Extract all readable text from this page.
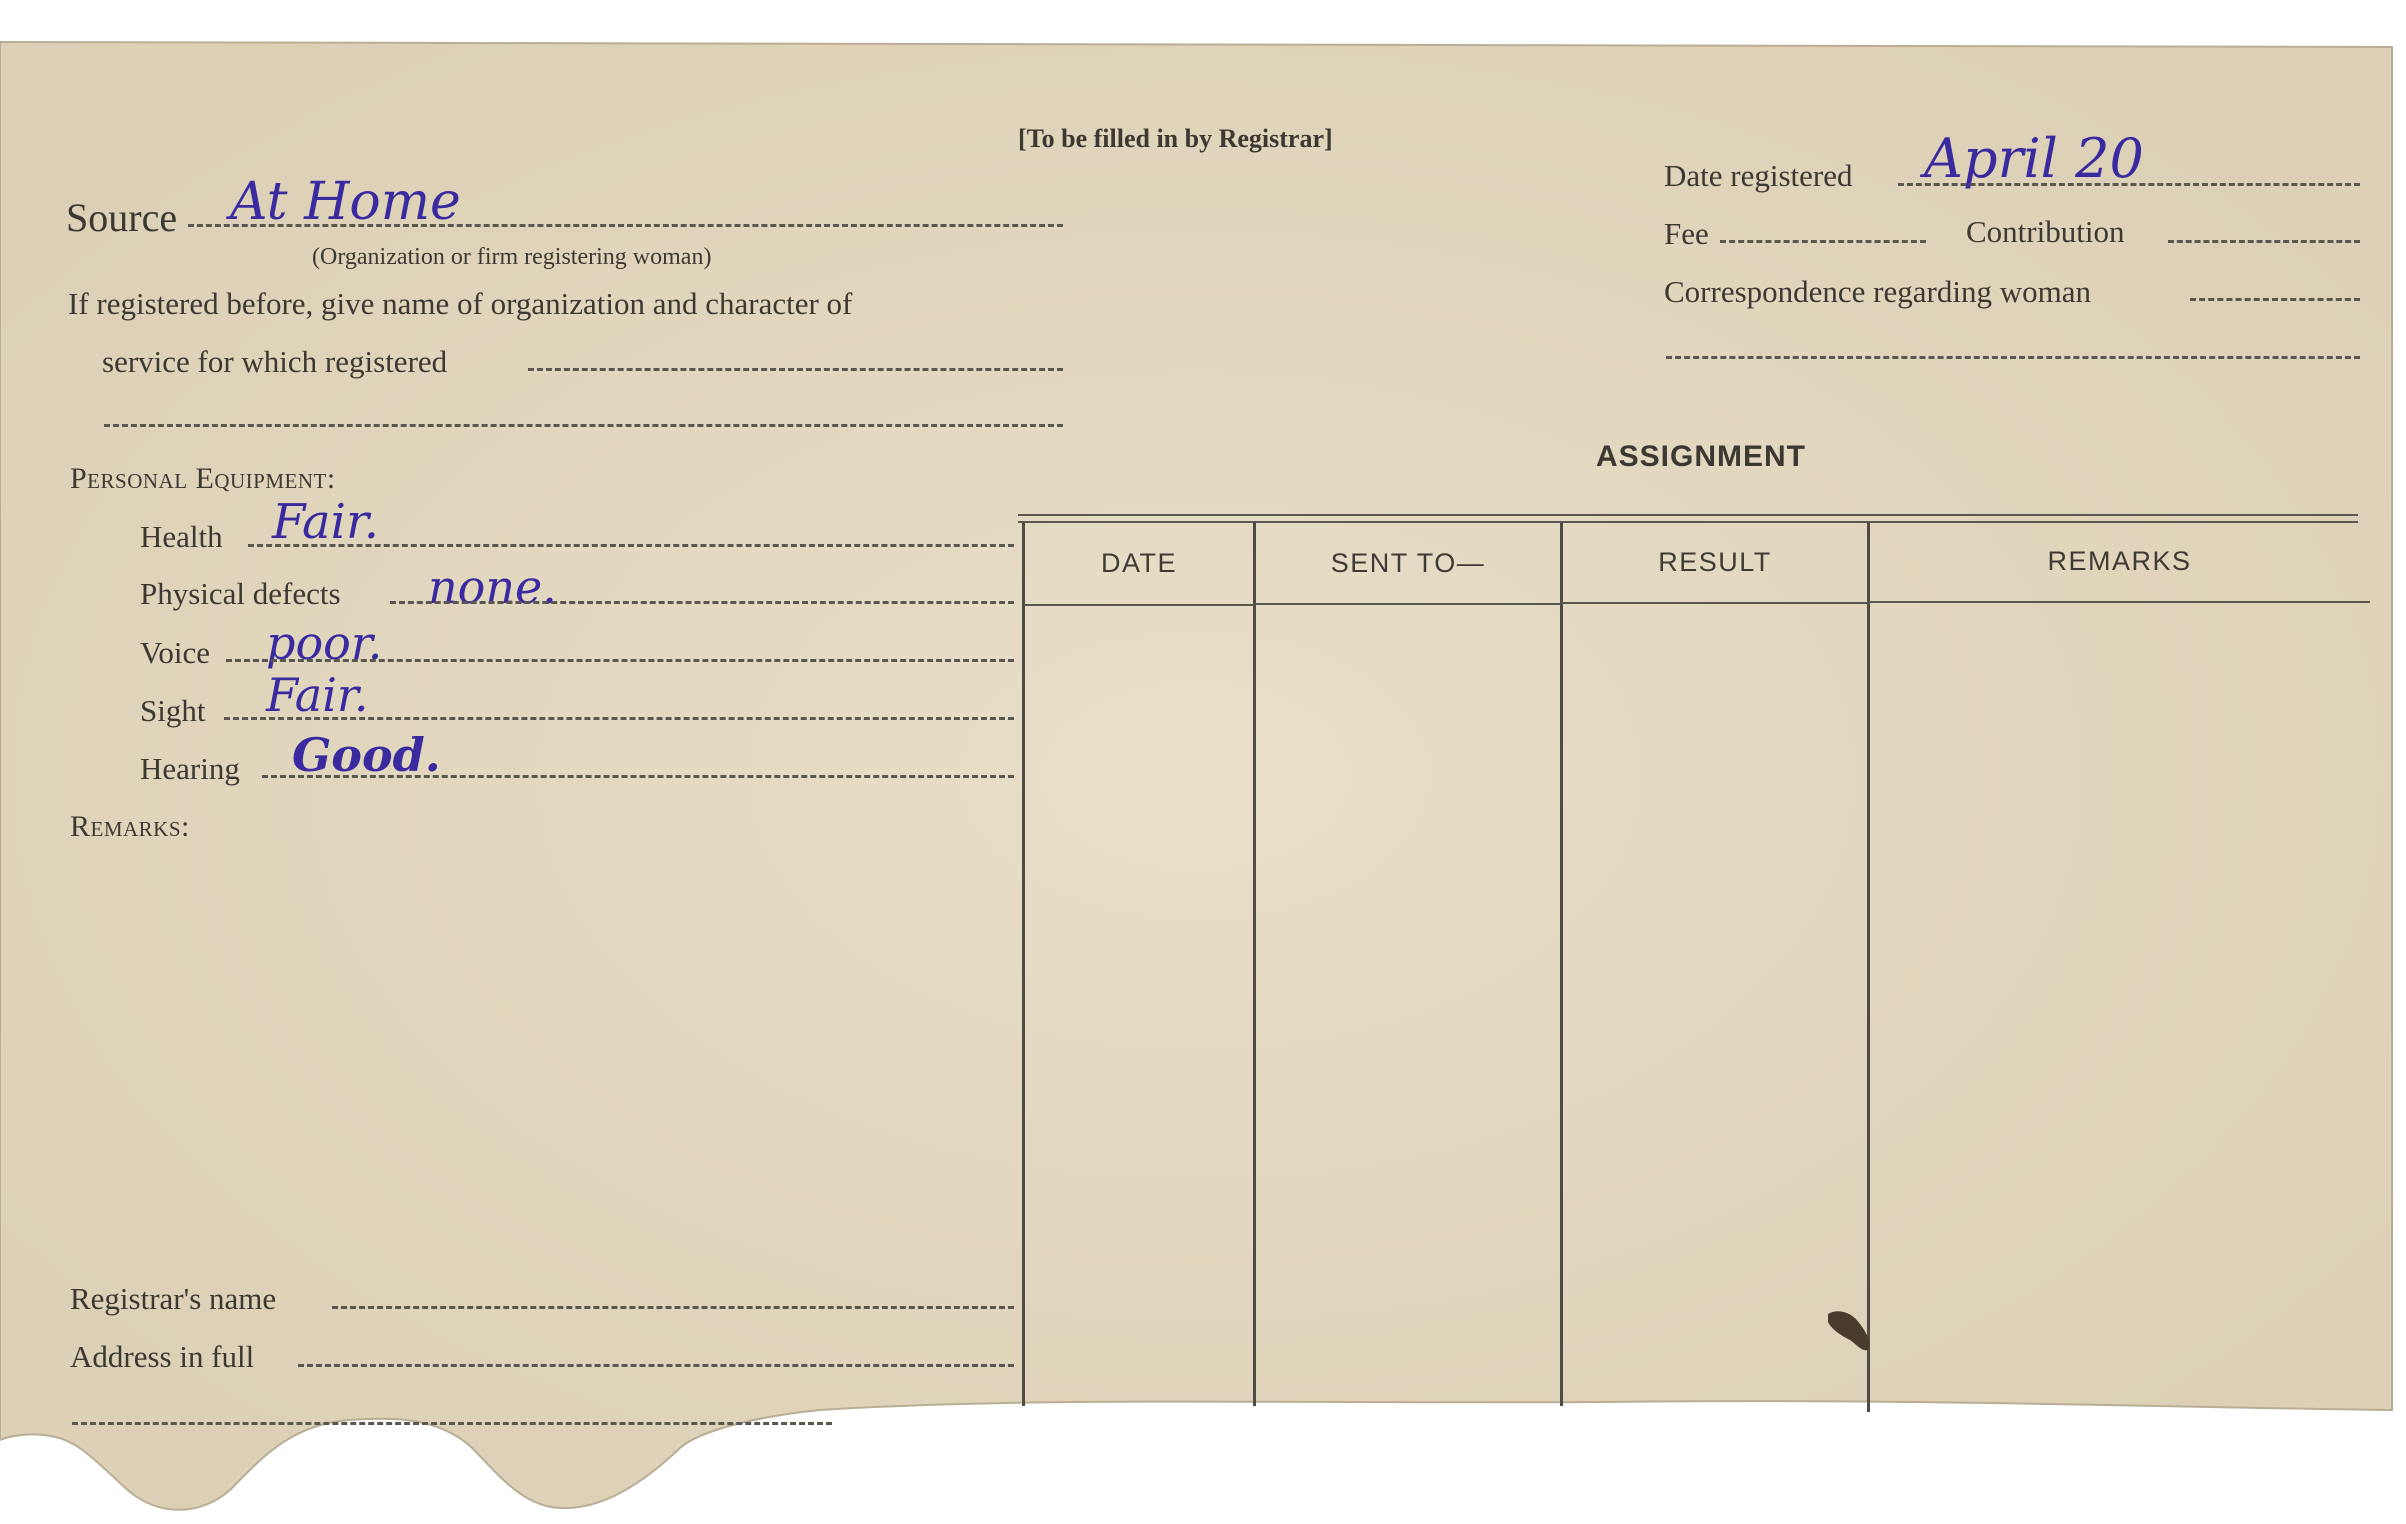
[To be filled in by Registrar]
Source At Home
(Organization or firm registering woman)
If registered before, give name of organization and character of
service for which registered
Personal Equipment:
Health Fair.
Physical defects none.
Voice poor.
Sight Fair.
Hearing Good.
Remarks:
Registrar's name
Address in full
Date registered April 20
Fee	Contribution
Correspondence regarding woman
ASSIGNMENT
DATE	SENT TO—	RESULT	REMARKS
